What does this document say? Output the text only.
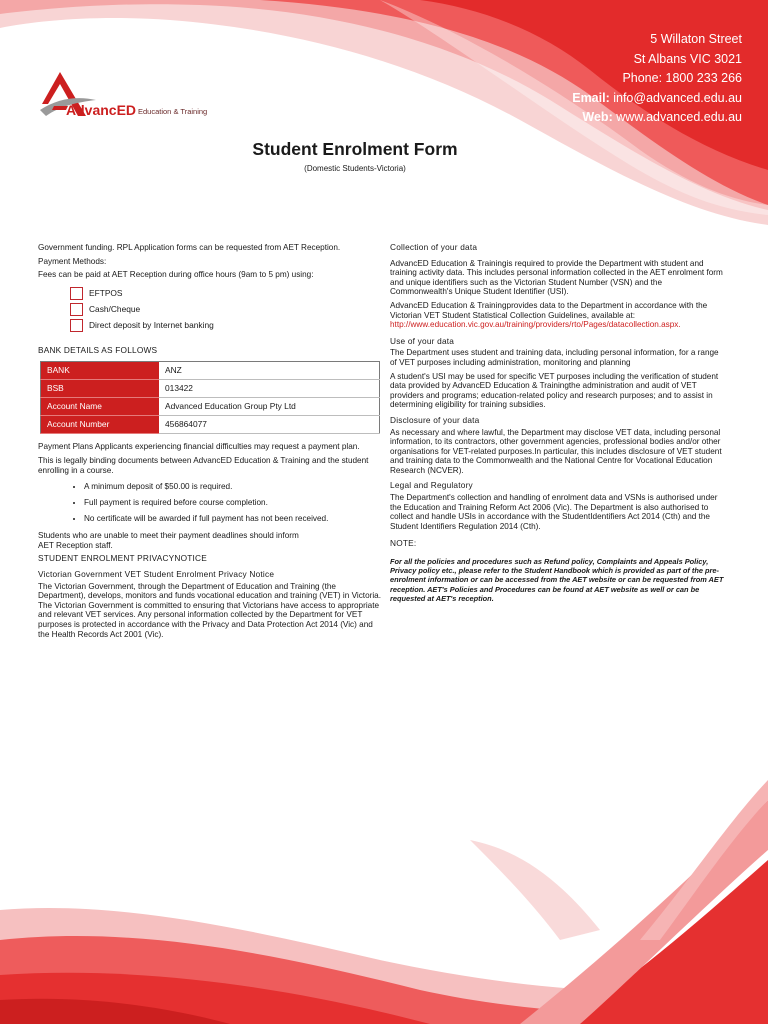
5 Willaton Street
St Albans VIC 3021
Phone: 1800 233 266
Email: info@advanced.edu.au
Web: www.advanced.edu.au
AdvancED Education & Training
Student Enrolment Form
(Domestic Students-Victoria)

Government funding. RPL Application forms can be requested from AET Reception.

Payment Methods:

Fees can be paid at AET Reception during office hours (9am to 5 pm) using:

EFTPOS
Cash/Cheque
Direct deposit by Internet banking

BANK DETAILS AS FOLLOWS

BANK	ANZ
BSB	013422
Account Name	Advanced Education Group Pty Ltd
Account Number	456864077

Payment Plans Applicants experiencing financial difficulties may request a payment plan.

This is legally binding documents between AdvancED Education & Training and the student enrolling in a course.

• A minimum deposit of $50.00 is required.
• Full payment is required before course completion.
• No certificate will be awarded if full payment has not been received.

Students who are unable to meet their payment deadlines should inform

AET Reception staff.

STUDENT ENROLMENT PRIVACYNOTICE

Victorian Government VET Student Enrolment Privacy Notice

The Victorian Government, through the Department of Education and Training (the Department), develops, monitors and funds vocational education and training (VET) in Victoria. The Victorian Government is committed to ensuring that Victorians have access to appropriate and relevant VET services. Any personal information collected by the Department for VET purposes is protected in accordance with the Privacy and Data Protection Act 2014 (Vic) and the Health Records Act 2001 (Vic).

Collection of your data

AdvancED Education & Trainingis required to provide the Department with student and training activity data. This includes personal information collected in the AET enrolment form and unique identifiers such as the Victorian Student Number (VSN) and the Commonwealth's Unique Student Identifier (USI).

AdvancED Education & Trainingprovides data to the Department in accordance with the Victorian VET Student Statistical Collection Guidelines, available at:

http://www.education.vic.gov.au/training/providers/rto/Pages/datacollection.aspx.

Use of your data

The Department uses student and training data, including personal information, for a range of VET purposes including administration, monitoring and planning

A student's USI may be used for specific VET purposes including the verification of student data provided by AdvancED Education & Trainingthe administration and audit of VET providers and programs; education-related policy and research purposes; and to assist in determining eligibility for training subsidies.

Disclosure of your data

As necessary and where lawful, the Department may disclose VET data, including personal information, to its contractors, other government agencies, professional bodies and/or other organisations for VET-related purposes.In particular, this includes disclosure of VET student and training data to the Commonwealth and the National Centre for Vocational Education Research (NCVER).

Legal and Regulatory

The Department's collection and handling of enrolment data and VSNs is authorised under the Education and Training Reform Act 2006 (Vic). The Department is also authorised to collect and handle USIs in accordance with the StudentIdentifiers Act 2014 (Cth) and the Student Identifiers Regulation 2014 (Cth).

NOTE:

For all the policies and procedures such as Refund policy, Complaints and Appeals Policy, Privacy policy etc., please refer to the Student Handbook which is provided as part of the pre-enrolment information or can be accessed from the AET website or can be requested from AET reception. AET's Policies and Procedures can be found at AET website as well or can be requested at AET's reception.
